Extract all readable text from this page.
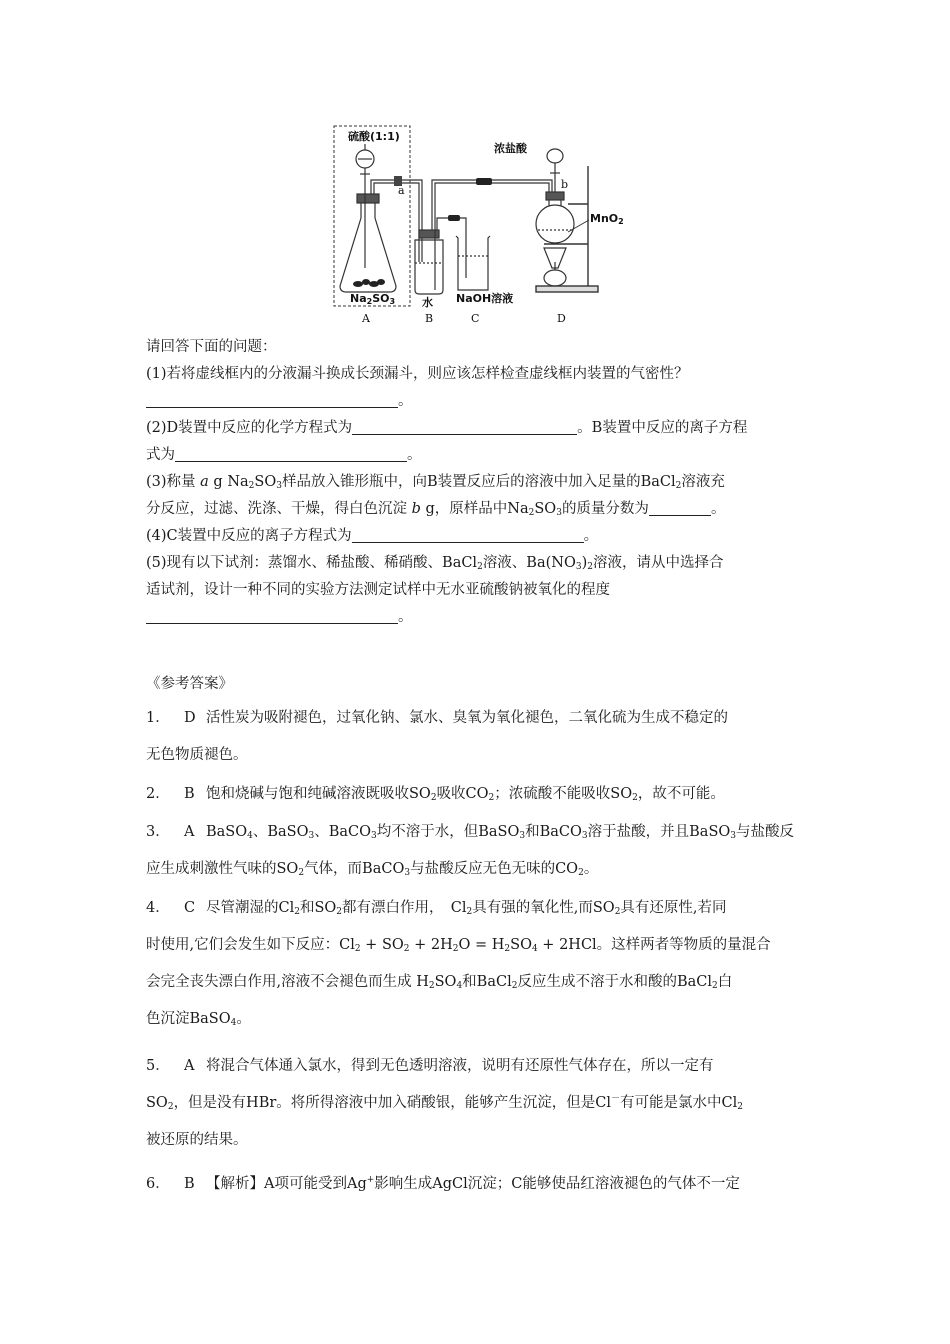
硫酸(1:1)
Na2SO3
a
水 NaOH溶液
浓盐酸
b
MnO2
A	B	C	D
请回答下面的问题：
(1)若将虚线框内的分液漏斗换成长颈漏斗，则应该怎样检查虚线框内装置的气密性？
。
(2)D装置中反应的化学方程式为	。B装置中反应的离子方程
式为	。
(3)称量 a g $Na_2SO_3$样品放入锥形瓶中，向B装置反应后的溶液中加入足量的BaCl$_2$溶液充
分反应，过滤、洗涤、干燥，得白色沉淀 b g，原样品中$Na_2SO_3$的质量分数为	。
(4)C装置中反应的离子方程式为	。
(5)现有以下试剂：蒸馏水、稀盐酸、稀硝酸、BaCl$_2$溶液、$Ba(NO_3)_2$溶液，请从中选择合
适试剂，设计一种不同的实验方法测定试样中无水亚硫酸钠被氧化的程度
。
《参考答案》
1． D 活性炭为吸附褪色，过氧化钠、氯水、臭氧为氧化褪色，二氧化硫为生成不稳定的
无色物质褪色。
2． B 饱和烧碱与饱和纯碱溶液既吸收$SO_2$吸收$CO_2$；浓硫酸不能吸收$SO_2$，故不可能。
3． A BaSO$_4$、BaSO$_3$、BaCO$_3$均不溶于水，但BaSO$_3$和BaCO$_3$溶于盐酸，并且BaSO$_3$与盐酸反
应生成刺激性气味的$SO_2$气体，而BaCO$_3$与盐酸反应无色无味的$CO_2$。
4． C 尽管潮湿的$Cl_2$和$SO_2$都有漂白作用，　$Cl_2$具有强的氧化性,而$SO_2$具有还原性,若同
时使用,它们会发生如下反应：$Cl_2 + SO_2 + 2H_2O = H_2SO_4 + 2HCl$。这样两者等物质的量混合
会完全丧失漂白作用,溶液不会褪色而生成 $H_2SO_4$和BaCl$_2$反应生成不溶于水和酸的BaCl$_2$白
色沉淀BaSO$_4$。
5． A 将混合气体通入氯水，得到无色透明溶液，说明有还原性气体存在，所以一定有
$SO_2$，但是没有HBr。将所得溶液中加入硝酸银，能够产生沉淀，但是Cl－有可能是氯水中$Cl_2$
被还原的结果。
6． B 【解析】A项可能受到Ag+影响生成AgCl沉淀；C能够使品红溶液褪色的气体不一定
